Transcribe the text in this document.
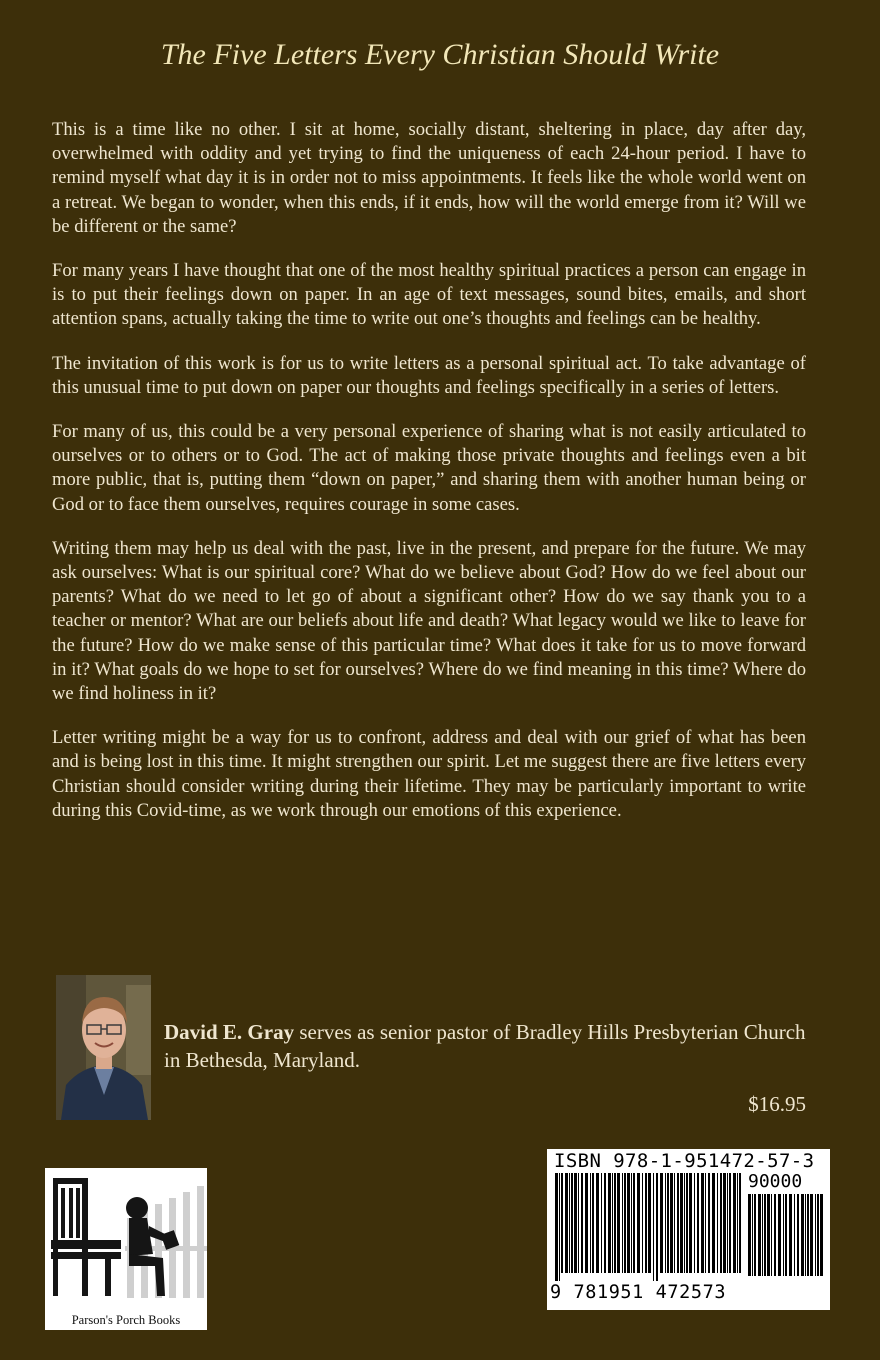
The Five Letters Every Christian Should Write

This is a time like no other. I sit at home, socially distant, sheltering in place, day after day, overwhelmed with oddity and yet trying to find the uniqueness of each 24-hour period. I have to remind myself what day it is in order not to miss appointments. It feels like the whole world went on a retreat. We began to wonder, when this ends, if it ends, how will the world emerge from it? Will we be different or the same?

For many years I have thought that one of the most healthy spiritual practices a person can engage in is to put their feelings down on paper. In an age of text messages, sound bites, emails, and short attention spans, actually taking the time to write out one’s thoughts and feelings can be healthy.

The invitation of this work is for us to write letters as a personal spiritual act. To take advantage of this unusual time to put down on paper our thoughts and feelings specifically in a series of letters.

For many of us, this could be a very personal experience of sharing what is not easily articulated to ourselves or to others or to God. The act of making those private thoughts and feelings even a bit more public, that is, putting them “down on paper,” and sharing them with another human being or God or to face them ourselves, requires courage in some cases.

Writing them may help us deal with the past, live in the present, and prepare for the future. We may ask ourselves: What is our spiritual core? What do we believe about God? How do we feel about our parents? What do we need to let go of about a significant other? How do we say thank you to a teacher or mentor? What are our beliefs about life and death? What legacy would we like to leave for the future? How do we make sense of this particular time? What does it take for us to move forward in it? What goals do we hope to set for ourselves? Where do we find meaning in this time? Where do we find holiness in it?

Letter writing might be a way for us to confront, address and deal with our grief of what has been and is being lost in this time. It might strengthen our spirit. Let me suggest there are five letters every Christian should consider writing during their lifetime. They may be particularly important to write during this Covid-time, as we work through our emotions of this experience.

David E. Gray serves as senior pastor of Bradley Hills Presbyterian Church in Bethesda, Maryland.
$16.95
Parson's Porch Books
ISBN 978-1-951472-57-3
90000
9 781951 472573
